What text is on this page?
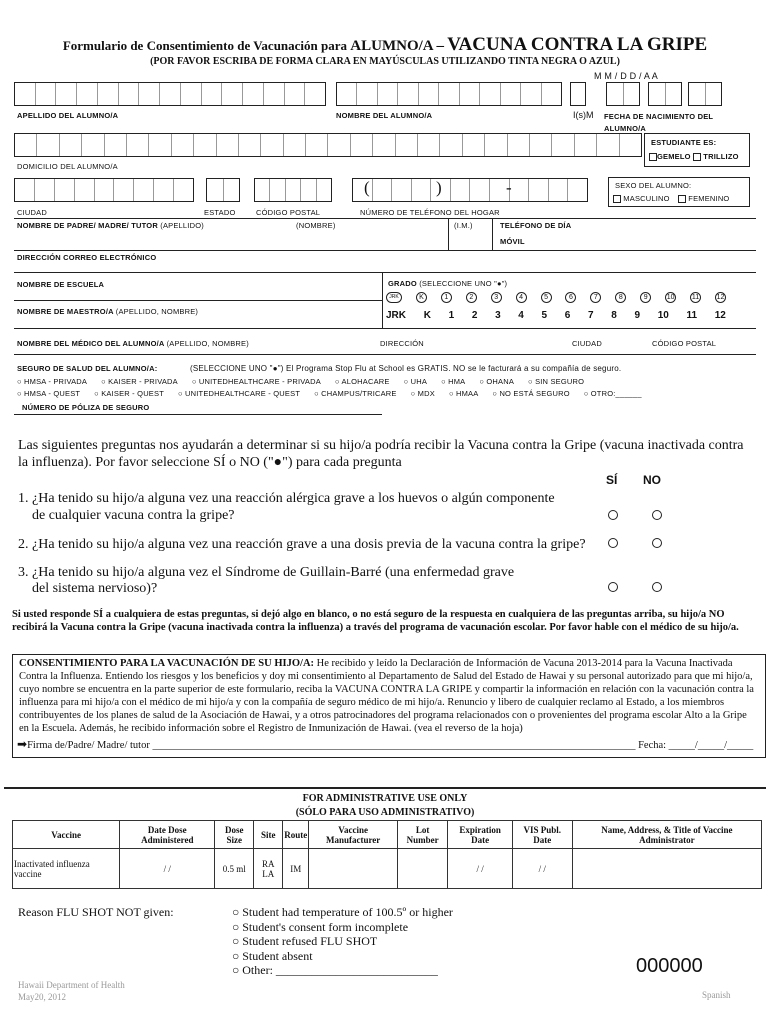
Formulario de Consentimiento de Vacunación para ALUMNO/A – VACUNA CONTRA LA GRIPE
(POR FAVOR ESCRIBA DE FORMA CLARA EN MAYÚSCULAS UTILIZANDO TINTA NEGRA O AZUL)
M M / D D / A A
APELLIDO DEL ALUMNO/A	NOMBRE DEL ALUMNO/A	I(s)M FECHA DE NACIMIENTO DEL ALUMNO/A
ESTUDIANTE ES:
GEMELO TRILLIZO
DOMICILIO DEL ALUMNO/A
(	)	-	SEXO DEL ALUMNO:
MASCULINO FEMENINO
CIUDAD	ESTADO	CÓDIGO POSTAL	NÚMERO DE TELÉFONO DEL HOGAR
NOMBRE DE PADRE/ MADRE/ TUTOR (APELLIDO)	(NOMBRE)	(I.M.)	TELÉFONO DE DÍA
MÓVIL
DIRECCIÓN CORREO ELECTRÓNICO
NOMBRE DE ESCUELA	GRADO (SELECCIONE UNO "●")
JRK	K	1	2	3	4	5	6	7	8	9	10 11 12
NOMBRE DE MAESTRO/A (APELLIDO, NOMBRE)	JRK K 1 2 3 4 5 6 7 8 9 10 11 12
NOMBRE DEL MÉDICO DEL ALUMNO/A (APELLIDO, NOMBRE)	DIRECCIÓN	CIUDAD	CÓDIGO POSTAL
SEGURO DE SALUD DEL ALUMNO/A:	(SELECCIONE UNO "●") El Programa Stop Flu at School es GRATIS. NO se le facturará a su compañía de seguro.
○ HMSA - PRIVADA ○ KAISER - PRIVADA ○ UNITEDHEALTHCARE - PRIVADA ○ ALOHACARE ○ UHA ○ HMA ○ OHANA ○ SIN SEGURO
○ HMSA - QUEST ○ KAISER - QUEST ○ UNITEDHEALTHCARE - QUEST ○ CHAMPUS/TRICARE ○ MDX ○ HMAA ○ NO ESTÁ SEGURO ○ OTRO:______
NÚMERO DE PÓLIZA DE SEGURO
Las siguientes preguntas nos ayudarán a determinar si su hijo/a podría recibir la Vacuna contra la Gripe (vacuna inactivada contra la influenza). Por favor seleccione SÍ o NO ("●") para cada pregunta
SÍ NO
1. ¿Ha tenido su hijo/a alguna vez una reacción alérgica grave a los huevos o algún componente
de cualquier vacuna contra la gripe?
2. ¿Ha tenido su hijo/a alguna vez una reacción grave a una dosis previa de la vacuna contra la gripe?
3. ¿Ha tenido su hijo/a alguna vez el Síndrome de Guillain-Barré (una enfermedad grave
del sistema nervioso)?
Si usted responde SÍ a cualquiera de estas preguntas, si dejó algo en blanco, o no está seguro de la respuesta en cualquiera de las preguntas arriba, su hijo/a NO recibirá la Vacuna contra la Gripe (vacuna inactivada contra la influenza) a través del programa de vacunación escolar. Por favor hable con el médico de su hijo/a.
CONSENTIMIENTO PARA LA VACUNACIÓN DE SU HIJO/A: He recibido y leído la Declaración de Información de Vacuna 2013-2014 para la Vacuna Inactivada Contra la Influenza. Entiendo los riesgos y los beneficios y doy mi consentimiento al Departamento de Salud del Estado de Hawai y su personal autorizado para que mi hijo/a, cuyo nombre se encuentra en la parte superior de este formulario, reciba la VACUNA CONTRA LA GRIPE y compartir la información en relación con la vacunación contra la influenza para mi hijo/a con el médico de mi hijo/a y con la compañía de seguro médico de mi hijo/a. Renuncio y libero de cualquier reclamo al Estado, a los miembros contribuyentes de los planes de salud de la Asociación de Hawai, y a otros patrocinadores del programa relacionados con o provenientes del programa escolar Alto a la Gripe en la Escuela. Además, he recibido información sobre el Registro de Inmunización de Hawai. (vea el reverso de la hoja)
➡Firma de/Padre/ Madre/ tutor ____________________________________________________________________________________________ Fecha: _____/_____/_____
FOR ADMINISTRATIVE USE ONLY
(SÓLO PARA USO ADMINISTRATIVO)
Vaccine	Date Dose Administered	Dose Size	Site	Route	Vaccine Manufacturer	Lot Number	Expiration Date	VIS Publ. Date	Name, Address, & Title of Vaccine Administrator
Inactivated influenza vaccine	/ /	0.5 ml	RA LA	IM			/ /	/ /	
Reason FLU SHOT NOT given:	○ Student had temperature of 100.5º or higher
○ Student's consent form incomplete
○ Student refused FLU SHOT
○ Student absent
○ Other: ___________________________
Hawaii Department of Health
May20, 2012
000000
Spanish
